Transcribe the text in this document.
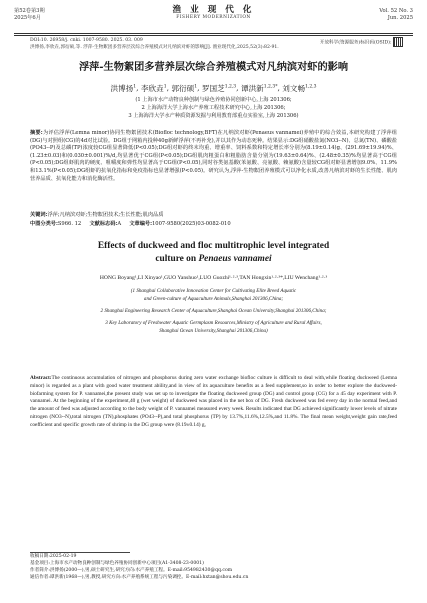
第52卷第3期
2025年6月
渔 业 现 代 化
FISHERY MODERNIZATION
Vol. 52 No. 3
Jun. 2025
DOI:10. 26958/j. cnki. 1007-9580. 2025. 03. 009	开放科学(资源服务)标识码(OSID):
洪博扬,李欣垚,郭衍硕,等. 浮萍-生物絮团多营养层次综合养殖模式对凡纳滨对虾的影响[J]. 渔业现代化,2025,52(3):82-91.
浮萍-生物絮团多营养层次综合养殖模式对凡纳滨对虾的影响
洪博扬$^1$, 李欣垚$^1$, 郭衍硕$^1$, 罗国芝$^{1,2,3}$, 谭洪新$^{1,2,3*}$, 刘文畅$^{1,2,3}$
(1 上海市水产动物良种创制与绿色养殖协同创新中心,上海 201306;
2 上海海洋大学上海水产养殖工程技术研究中心,上海 201306;
3 上海海洋大学水产种质资源发掘与利用教育部重点实验室,上海 201306)
摘要:为评估浮萍(Lemna minor)协同生物絮团技术(Bioflоc technology,BFT)在凡纳滨对虾(Penaeus vannamei)养殖中的综合效益,本研究构建了浮萍组(DG)与对照组(CG)的4d对比试验。DG组于网箱内投种40g新鲜浮萍(不再补充),并以其作为动态死种。结果显示:DG组硝酸盐氮(NO3--N)、总氮(TN)、磷酸盐(PO43--P)及总磷(TP)浓度较CG组显著降低(P<0.05);DG组对虾的终末均重、增重率、饲料系数和特定增长率分别为(8.19±0.14)g、(291.69±19.94)%、(1.23±0.03)和(0.030±0.001)%/d,均显著优于CG组(P<0.05);DG组肌肉粗蛋白和粗脂肪含量分别为(19.63±0.64)%、(2.48±0.35)%均显著高于CG组(P<0.05);DG组虾肌肉的硬度、咀嚼度和弹性均显著高于CG组(P<0.05),同时谷类氨基酸(苯氨酸、亮氨酸、赖氨酸)含量较CG组对虾显著增加9.0%、11.9%和13.1%(P<0.05);DG组虾的抗氧化指标和免疫指标也显著增强(P<0.05)。研究认为,浮萍-生物絮团养殖模式可以净化水质,改善凡纳滨对虾的生长性能、肌肉营养品质、抗氧化能力和消化酶活性。
关键词:浮萍;凡纳滨对虾;生物絮团技术;生长性能;肌肉品质
中图分类号:S966. 12 文献标志码:A 文章编号:1007-9580(2025)03-0082-010
Effects of duckweed and floc multitrophic level integrated
culture on Penaeus vannamei
HONG Boyang¹,LI Xinyao¹,GUO Yanshuo¹,LUO Guozhi¹·²·³,TAN Hongxin¹·²·³*,LIU Wenchang¹·²·³
(1 Shanghai Collaborative Innovation Center for Cultivating Elite Breed Aquatic
and Green-culture of Aquaculture Animals,Shanghai 201306,China;
2 Shanghai Engineering Research Center of Aquaculture,Shanghai Ocean University,Shanghai 201306,China;
3 Key Laboratory of Freshwater Aquatic Germplasm Resources,Ministry of Agriculture and Rural Affairs,
Shanghai Ocean University,Shanghai 201306,China)
Abstract:The continuous accumulation of nitrogen and phosphorus during zero water exchange biofloc culture is difficult to deal with,while floating duckweed (Lemna minor) is regarded as a plant with good water treatment ability,and in view of its aquaculture benefits as a feed supplement,so in order to better explore the duckweed-biofarming system for P. vannamei,the present study was set up to investigate the floating duckweed group (DG) and control group (CG) for a 45 day experiment with P. vannamei. At the beginning of the experiment,40 g (wet weight) of duckweed was placed in the net box of DG. Fresh duckweed was fed every day in the normal feed,and the amount of feed was adjusted according to the body weight of P. vannamei measured every week. Results indicated that DG achieved significantly lower levels of nitrate nitrogen (NO3--N),total nitrogen (TN),phosphates (PO43--P),and total phosphorus (TP) by 13.7%,11.6%,12.5%,and 11.8%. The final mean weight,weight gain rate,feed coefficient and specific growth rate of shrimp in the DG group were (8.19±0.14) g,
收稿日期:2025-02-19
基金项目:上海市水产动物良种创制与绿色养殖协同创新中心项目(A1-3408-23-0001)
作者简介:洪博扬(2000—),男,硕士研究生,研究方向:水产养殖工程。E-mail:954982430@qq.com
通信作者:谭洪新(1968—),男,教授,研究方向:水产养殖系统工程与污染调控。E-mail:hxtan@shou.edu.cn
